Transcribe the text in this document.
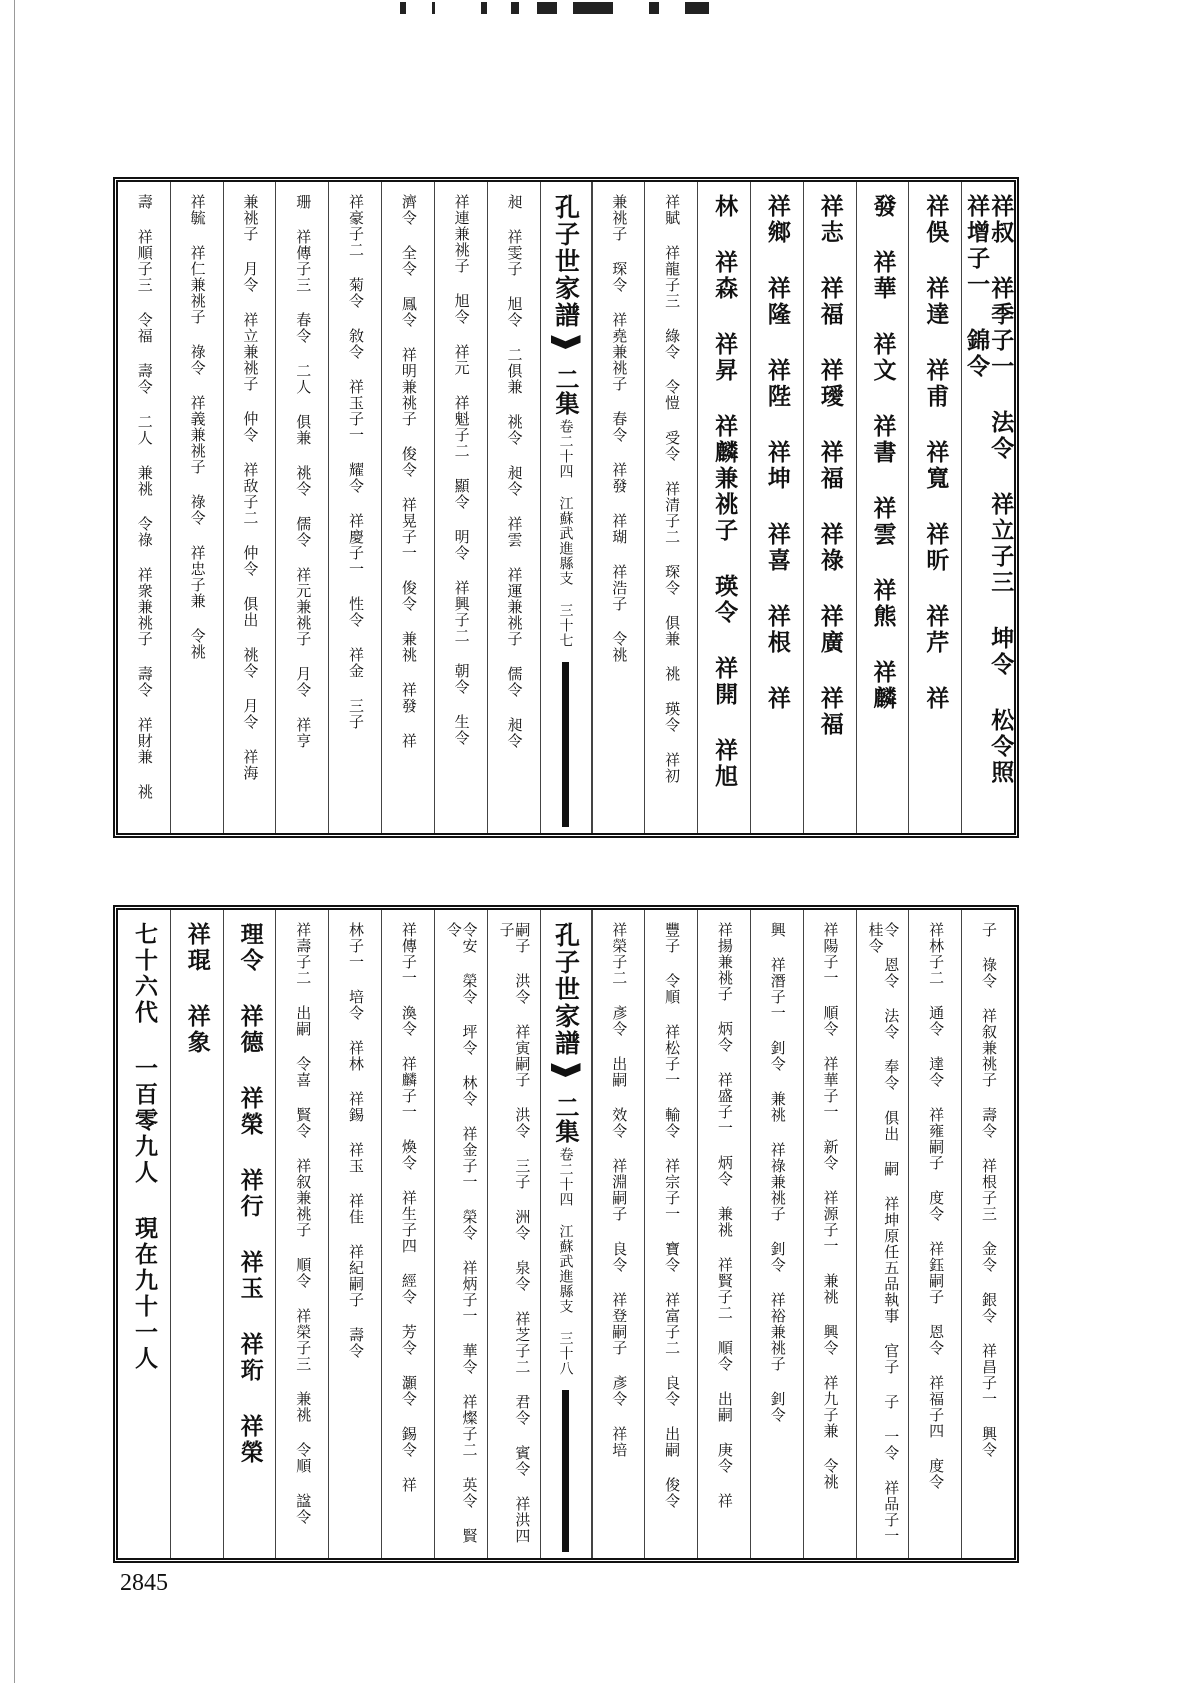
祥叔 祥季子一 法令 祥立子三 坤令 松令照 祥增子一 錦令
祥俁 祥達 祥甫 祥寬 祥昕 祥芹 祥
發 祥華 祥文 祥書 祥雲 祥熊 祥麟
祥志 祥福 祥璦 祥福 祥祿 祥廣 祥福
祥鄉 祥隆 祥陛 祥坤 祥喜 祥根 祥
林 祥森 祥昇 祥麟兼祧子 瑛令 祥開 祥旭
祥賦 祥龍子三 綠令 令愷 受令 祥清子二 琛令 俱兼 祧 瑛令 祥初
兼祧子 琛令 祥堯兼祧子 春令 祥發 祥瑚 祥浩子 令祧
孔子世家譜
二集
卷二十四 江蘇武進縣支 三十七
昶 祥雯子 旭令 二俱兼 祧令 昶令 祥雲 祥運兼祧子 儒令 昶令
祥連兼祧子 旭令 祥元 祥魁子二 顯令 明令 祥興子二 朝令 生令
濟令 全令 鳳令 祥明兼祧子 俊令 祥晃子一 俊令 兼祧 祥發 祥
祥豪子二 菊令 敘令 祥玉子一 耀令 祥慶子一 性令 祥金 三子
珊 祥傳子三 春令 二人 俱兼 祧令 儒令 祥元兼祧子 月令 祥亨
兼祧子 月令 祥立兼祧子 仲令 祥敌子二 仲令 俱出 祧令 月令 祥海
祥毓 祥仁兼祧子 祿令 祥義兼祧子 祿令 祥忠子兼 令祧
壽 祥順子三 令福 壽令 二人 兼祧 令祿 祥衆兼祧子 壽令 祥財兼 祧
子 祿令 祥叙兼祧子 壽令 祥根子三 金令 銀令 祥昌子一 興令
祥林子二 通令 達令 祥雍嗣子 度令 祥鈺嗣子 恩令 祥福子四 度令
令 恩令 法令 奉令 俱出 嗣 祥坤原任五品執事 官子 子 一令 祥品子一 桂令
祥陽子一 順令 祥華子一 新令 祥源子一 兼祧 興令 祥九子兼 令祧
興 祥潛子一 釗令 兼祧 祥祿兼祧子 釗令 祥裕兼祧子 釗令
祥揚兼祧子 炳令 祥盛子一 炳令 兼祧 祥賢子二 順令 出嗣 庚令 祥
豐子 令順 祥松子一 輸令 祥宗子一 寶令 祥富子二 良令 出嗣 俊令
祥榮子二 彥令 出嗣 效令 祥淵嗣子 良令 祥登嗣子 彥令 祥培
孔子世家譜
二集
卷二十四 江蘇武進縣支 三十八
嗣子 洪令 祥寅嗣子 洪令 三子 洲令 泉令 祥芝子二 君令 賓令 祥洪四子
令安 榮令 坪令 林令 祥金子一 榮令 祥炳子一 華令 祥燦子二 英令 賢令
祥傳子一 渙令 祥麟子一 煥令 祥生子四 經令 芳令 灝令 錫令 祥
林子一 培令 祥林 祥錫 祥玉 祥佳 祥紀嗣子 壽令
祥壽子二 出嗣 令喜 賢令 祥叙兼祧子 順令 祥榮子三 兼祧 令順 諡令
理令 祥德 祥榮 祥行 祥玉 祥珩 祥榮
祥琨 祥象
七十六代 一百零九人 現在九十一人
2845
